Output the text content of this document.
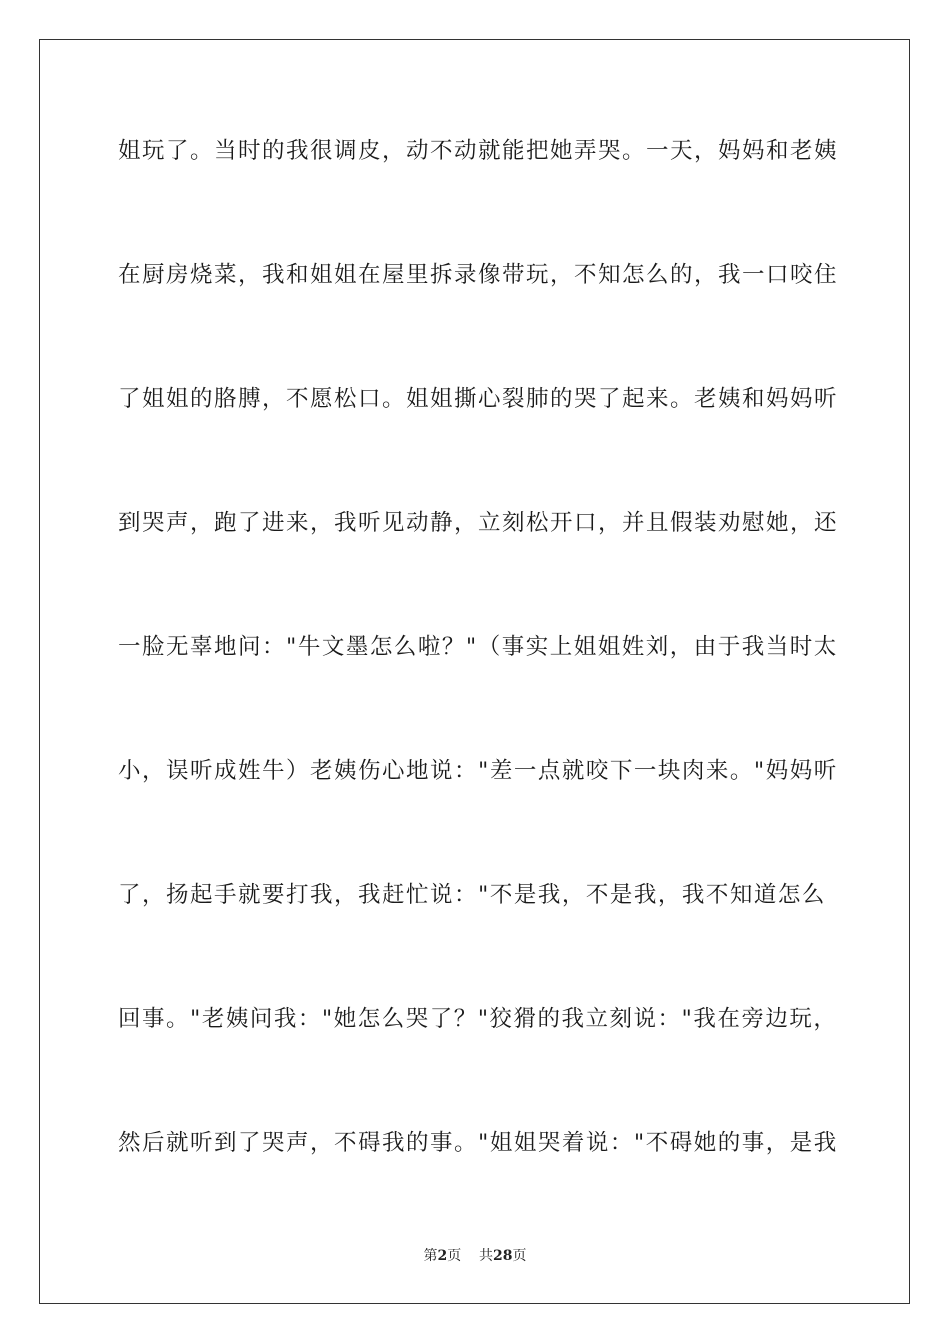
姐玩了。当时的我很调皮，动不动就能把她弄哭。一天，妈妈和老姨
在厨房烧菜，我和姐姐在屋里拆录像带玩，不知怎么的，我一口咬住
了姐姐的胳膊，不愿松口。姐姐撕心裂肺的哭了起来。老姨和妈妈听
到哭声，跑了进来，我听见动静，立刻松开口，并且假装劝慰她，还
一脸无辜地问："牛文墨怎么啦？"（事实上姐姐姓刘，由于我当时太
小，误听成姓牛）老姨伤心地说："差一点就咬下一块肉来。"妈妈听
了，扬起手就要打我，我赶忙说："不是我，不是我，我不知道怎么
回事。"老姨问我："她怎么哭了？"狡猾的我立刻说："我在旁边玩，
然后就听到了哭声，不碍我的事。"姐姐哭着说："不碍她的事，是我
第2页 共28页
